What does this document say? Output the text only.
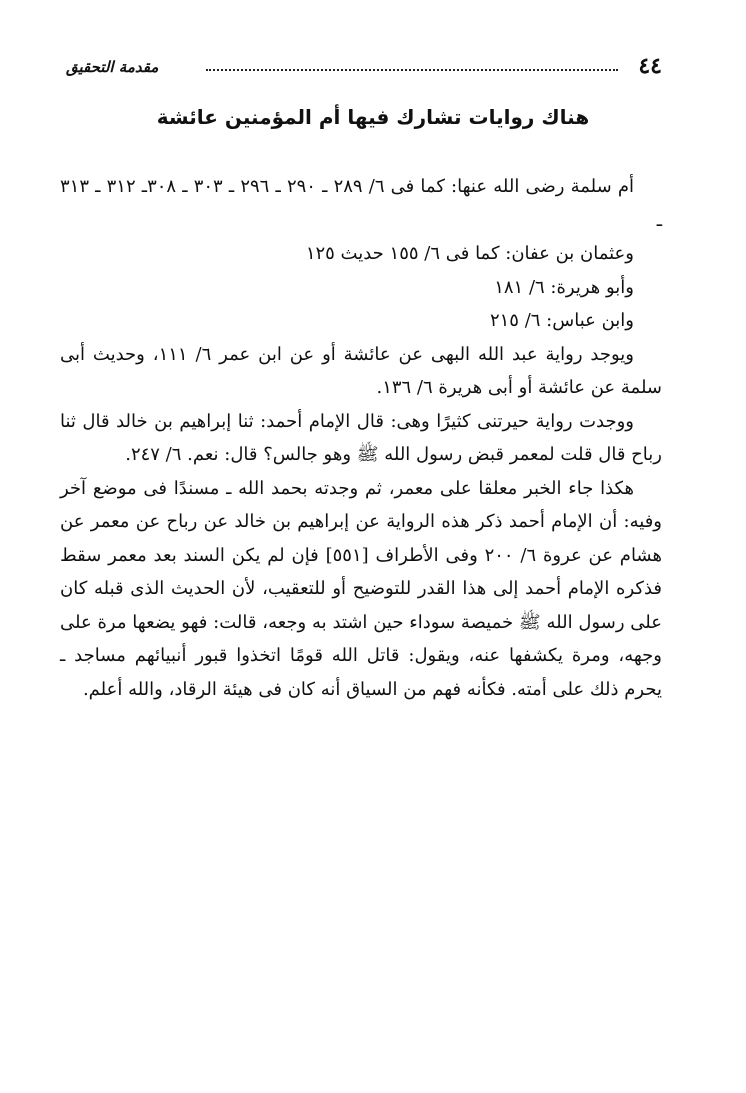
٤٤
مقدمة التحقيق
هناك روايات تشارك فيها أم المؤمنين عائشة

أم سلمة رضى الله عنها: كما فى ٦/ ٢٨٩ ـ ٢٩٠ ـ ٢٩٦ ـ ٣٠٣ ـ ٣٠٨ـ ٣١٢ ـ ٣١٣ ـ

وعثمان بن عفان: كما فى ٦/ ١٥٥ حديث ١٢٥

وأبو هريرة: ٦/ ١٨١

وابن عباس: ٦/ ٢١٥

ويوجد رواية عبد الله البهى عن عائشة أو عن ابن عمر ٦/ ١١١، وحديث أبى سلمة عن عائشة أو أبى هريرة ٦/ ١٣٦.

ووجدت رواية حيرتنى كثيرًا وهى: قال الإمام أحمد: ثنا إبراهيم بن خالد قال ثنا رباح قال قلت لمعمر قبض رسول الله ﷺ وهو جالس؟ قال: نعم. ٦/ ٢٤٧.

هكذا جاء الخبر معلقا على معمر، ثم وجدته بحمد الله ـ مسندًا فى موضع آخر وفيه: أن الإمام أحمد ذكر هذه الرواية عن إبراهيم بن خالد عن رباح عن معمر عن هشام عن عروة ٦/ ٢٠٠ وفى الأطراف [٥٥١] فإن لم يكن السند بعد معمر سقط فذكره الإمام أحمد إلى هذا القدر للتوضيح أو للتعقيب، لأن الحديث الذى قبله كان على رسول الله ﷺ خميصة سوداء حين اشتد به وجعه، قالت: فهو يضعها مرة على وجهه، ومرة يكشفها عنه، ويقول: قاتل الله قومًا اتخذوا قبور أنبيائهم مساجد ـ يحرم ذلك على أمته. فكأنه فهم من السياق أنه كان فى هيئة الرقاد، والله أعلم.
